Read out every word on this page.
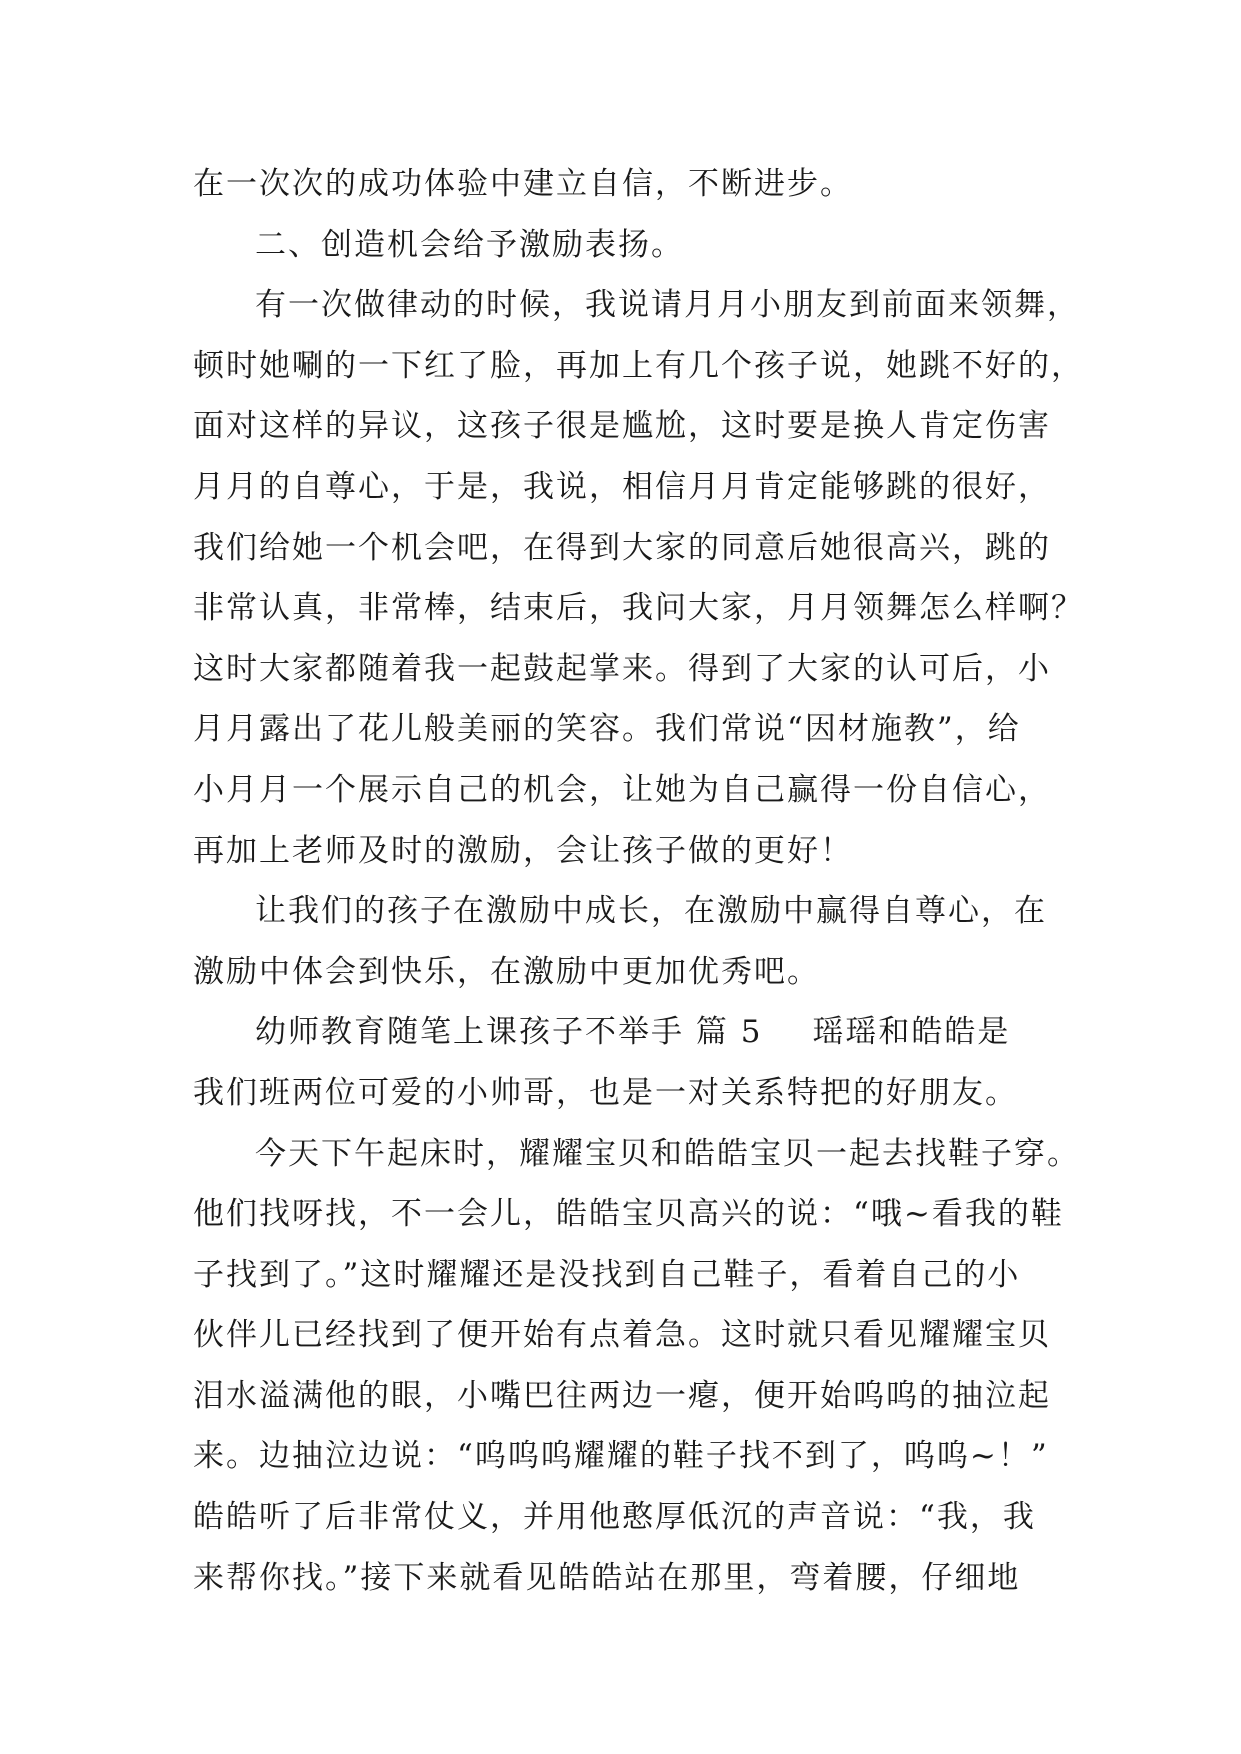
在一次次的成功体验中建立自信，不断进步。
二、创造机会给予激励表扬。
有一次做律动的时候，我说请月月小朋友到前面来领舞，
顿时她唰的一下红了脸，再加上有几个孩子说，她跳不好的，
面对这样的异议，这孩子很是尴尬，这时要是换人肯定伤害
月月的自尊心，于是，我说，相信月月肯定能够跳的很好，
我们给她一个机会吧，在得到大家的同意后她很高兴，跳的
非常认真，非常棒，结束后，我问大家，月月领舞怎么样啊？
这时大家都随着我一起鼓起掌来。得到了大家的认可后，小
月月露出了花儿般美丽的笑容。我们常说“因材施教”，给
小月月一个展示自己的机会，让她为自己赢得一份自信心，
再加上老师及时的激励，会让孩子做的更好！
让我们的孩子在激励中成长，在激励中赢得自尊心，在
激励中体会到快乐，在激励中更加优秀吧。
幼师教育随笔上课孩子不举手 篇 5 瑶瑶和皓皓是
我们班两位可爱的小帅哥，也是一对关系特把的好朋友。
今天下午起床时，耀耀宝贝和皓皓宝贝一起去找鞋子穿。
他们找呀找，不一会儿，皓皓宝贝高兴的说：“哦~看我的鞋
子找到了。”这时耀耀还是没找到自己鞋子，看着自己的小
伙伴儿已经找到了便开始有点着急。这时就只看见耀耀宝贝
泪水溢满他的眼，小嘴巴往两边一瘪，便开始呜呜的抽泣起
来。边抽泣边说：“呜呜呜耀耀的鞋子找不到了，呜呜~！”
皓皓听了后非常仗义，并用他憨厚低沉的声音说：“我，我
来帮你找。”接下来就看见皓皓站在那里，弯着腰，仔细地
